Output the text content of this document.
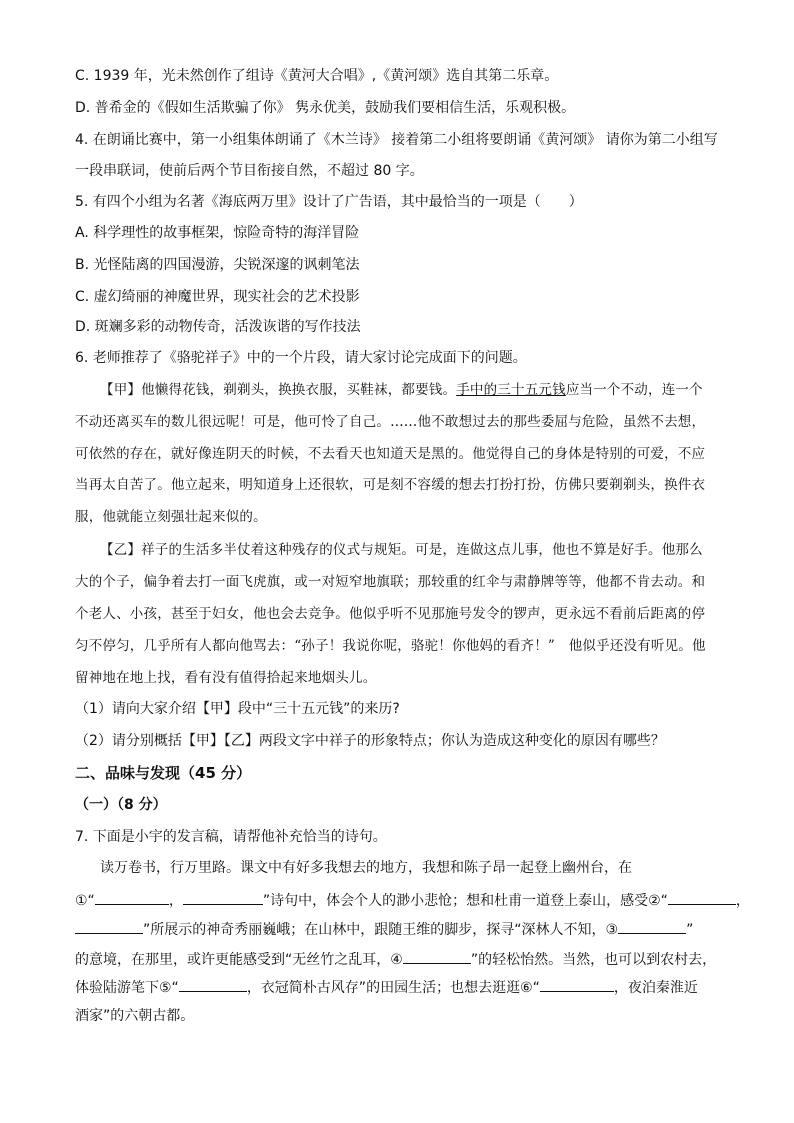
C. 1939 年，光未然创作了组诗《黄河大合唱》,《黄河颂》选自其第二乐章。
D. 普希金的《假如生活欺骗了你》 隽永优美，鼓励我们要相信生活，乐观积极。
4. 在朗诵比赛中，第一小组集体朗诵了《木兰诗》 接着第二小组将要朗诵《黄河颂》 请你为第二小组写
一段串联词，使前后两个节目衔接自然，不超过 80 字。
5. 有四个小组为名著《海底两万里》设计了广告语，其中最恰当的一项是（　　）
A. 科学理性的故事框架，惊险奇特的海洋冒险
B. 光怪陆离的四国漫游，尖锐深邃的讽刺笔法
C. 虚幻绮丽的神魔世界，现实社会的艺术投影
D. 斑斓多彩的动物传奇，活泼诙谐的写作技法
6. 老师推荐了《骆驼祥子》中的一个片段，请大家讨论完成面下的问题。
【甲】他懒得花钱，剃剃头，换换衣服，买鞋袜，都要钱。手中的三十五元钱应当一个不动，连一个
不动还离买车的数儿很远呢！可是，他可怜了自己。……他不敢想过去的那些委屈与危险，虽然不去想，
可依然的存在，就好像连阴天的时候，不去看天也知道天是黑的。他觉得自己的身体是特别的可爱，不应
当再太自苦了。他立起来，明知道身上还很软，可是刻不容缓的想去打扮打扮，仿佛只要剃剃头，换件衣
服，他就能立刻强壮起来似的。
【乙】祥子的生活多半仗着这种残存的仪式与规矩。可是，连做这点儿事，他也不算是好手。他那么
大的个子，偏争着去打一面飞虎旗，或一对短窄地旗联；那较重的红伞与肃静牌等等，他都不肯去动。和
个老人、小孩，甚至于妇女，他也会去竞争。他似乎听不见那施号发令的锣声，更永远不看前后距离的停
匀不停匀，几乎所有人都向他骂去：“孙子！我说你呢，骆驼！你他妈的看齐！”　他似乎还没有听见。他
留神地在地上找，看有没有值得拾起来地烟头儿。
（1）请向大家介绍【甲】段中“三十五元钱”的来历?
（2）请分别概括【甲】【乙】两段文字中祥子的形象特点；你认为造成这种变化的原因有哪些？
二、品味与发现（45 分）
（一）（8 分）
7. 下面是小宇的发言稿，请帮他补充恰当的诗句。
读万卷书，行万里路。课文中有好多我想去的地方，我想和陈子昂一起登上幽州台，在
①“	，	”诗句中，体会个人的渺小悲怆；想和杜甫一道登上泰山，感受②“	，
”所展示的神奇秀丽巍峨；在山林中，跟随王维的脚步，探寻“深林人不知，③	”
的意境，在那里，或许更能感受到“无丝竹之乱耳，④	”的轻松怡然。当然，也可以到农村去，
体验陆游笔下⑤“	，衣冠简朴古风存”的田园生活；也想去逛逛⑥“	，夜泊秦淮近
酒家”的六朝古都。
